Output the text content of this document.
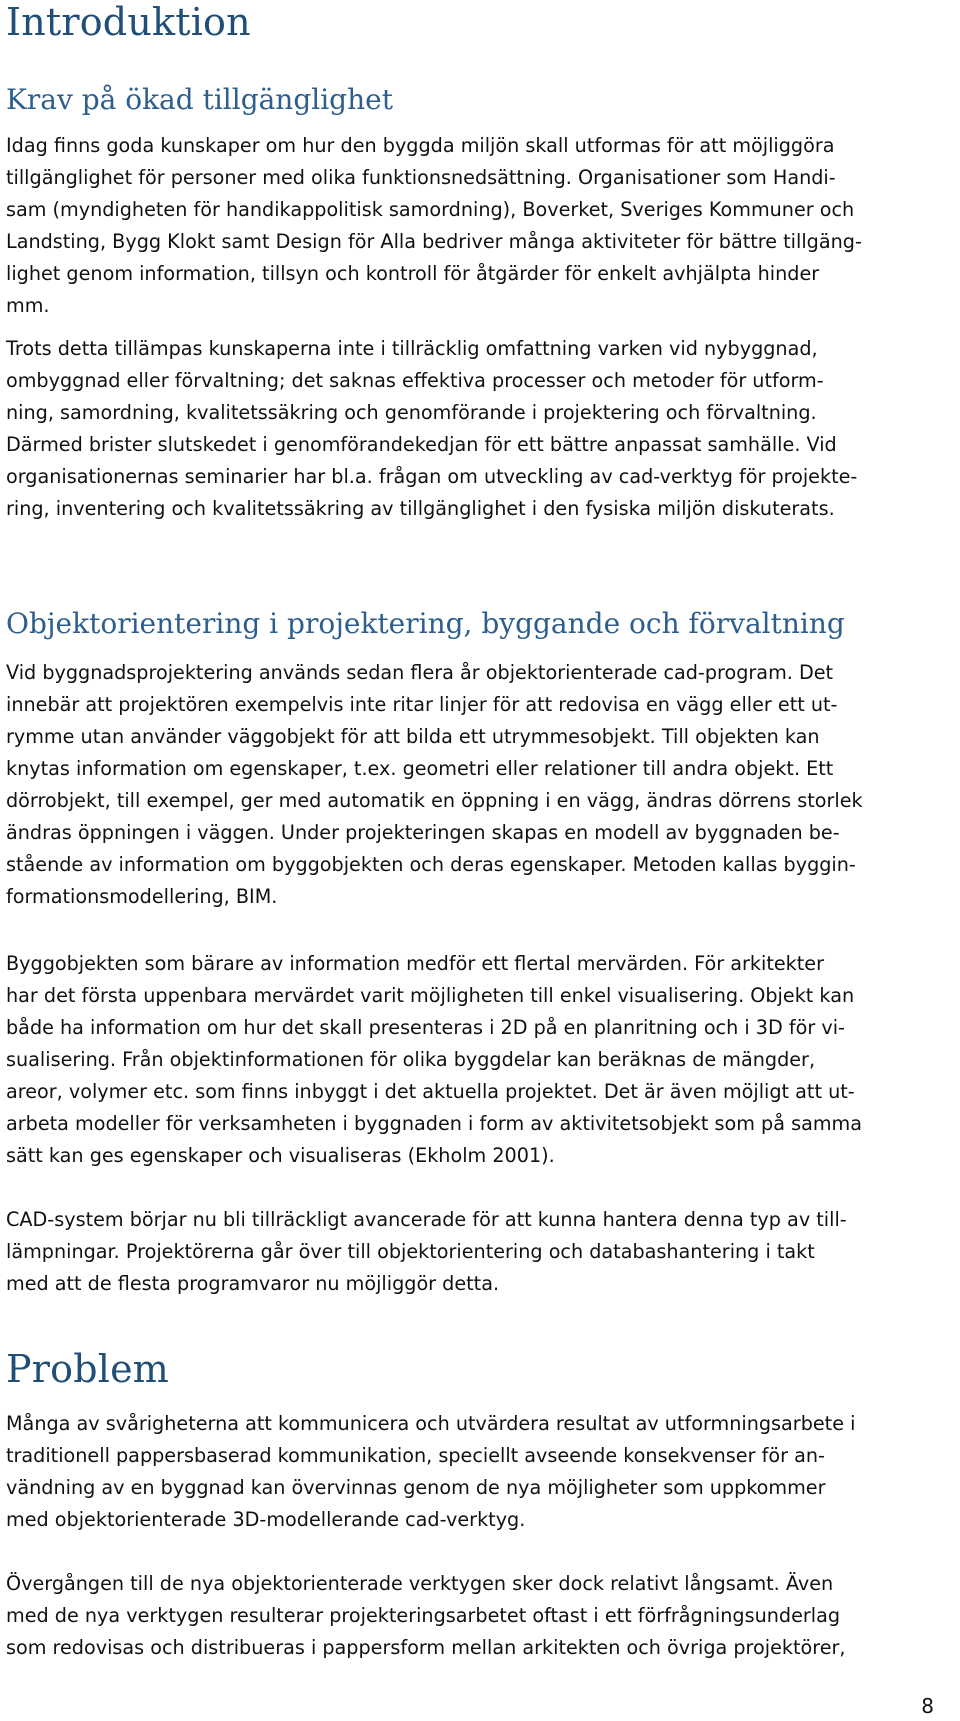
Introduktion
Krav på ökad tillgänglighet
Idag finns goda kunskaper om hur den byggda miljön skall utformas för att möjliggöra
tillgänglighet för personer med olika funktionsnedsättning. Organisationer som Handi-
sam (myndigheten för handikappolitisk samordning), Boverket, Sveriges Kommuner och
Landsting, Bygg Klokt samt Design för Alla bedriver många aktiviteter för bättre tillgäng-
lighet genom information, tillsyn och kontroll för åtgärder för enkelt avhjälpta hinder
mm.
Trots detta tillämpas kunskaperna inte i tillräcklig omfattning varken vid nybyggnad,
ombyggnad eller förvaltning; det saknas effektiva processer och metoder för utform-
ning, samordning, kvalitetssäkring och genomförande i projektering och förvaltning.
Därmed brister slutskedet i genomförandekedjan för ett bättre anpassat samhälle. Vid
organisationernas seminarier har bl.a. frågan om utveckling av cad-verktyg för projekte-
ring, inventering och kvalitetssäkring av tillgänglighet i den fysiska miljön diskuterats.
Objektorientering i projektering, byggande och förvaltning
Vid byggnadsprojektering används sedan flera år objektorienterade cad-program. Det
innebär att projektören exempelvis inte ritar linjer för att redovisa en vägg eller ett ut-
rymme utan använder väggobjekt för att bilda ett utrymmesobjekt. Till objekten kan
knytas information om egenskaper, t.ex. geometri eller relationer till andra objekt. Ett
dörrobjekt, till exempel, ger med automatik en öppning i en vägg, ändras dörrens storlek
ändras öppningen i väggen. Under projekteringen skapas en modell av byggnaden be-
stående av information om byggobjekten och deras egenskaper. Metoden kallas byggin-
formationsmodellering, BIM.
Byggobjekten som bärare av information medför ett flertal mervärden. För arkitekter
har det första uppenbara mervärdet varit möjligheten till enkel visualisering. Objekt kan
både ha information om hur det skall presenteras i 2D på en planritning och i 3D för vi-
sualisering. Från objektinformationen för olika byggdelar kan beräknas de mängder,
areor, volymer etc. som finns inbyggt i det aktuella projektet. Det är även möjligt att ut-
arbeta modeller för verksamheten i byggnaden i form av aktivitetsobjekt som på samma
sätt kan ges egenskaper och visualiseras (Ekholm 2001).
CAD-system börjar nu bli tillräckligt avancerade för att kunna hantera denna typ av till-
lämpningar. Projektörerna går över till objektorientering och databashantering i takt
med att de flesta programvaror nu möjliggör detta.
Problem
Många av svårigheterna att kommunicera och utvärdera resultat av utformningsarbete i
traditionell pappersbaserad kommunikation, speciellt avseende konsekvenser för an-
vändning av en byggnad kan övervinnas genom de nya möjligheter som uppkommer
med objektorienterade 3D-modellerande cad-verktyg.
Övergången till de nya objektorienterade verktygen sker dock relativt långsamt. Även
med de nya verktygen resulterar projekteringsarbetet oftast i ett förfrågningsunderlag
som redovisas och distribueras i pappersform mellan arkitekten och övriga projektörer,
8
